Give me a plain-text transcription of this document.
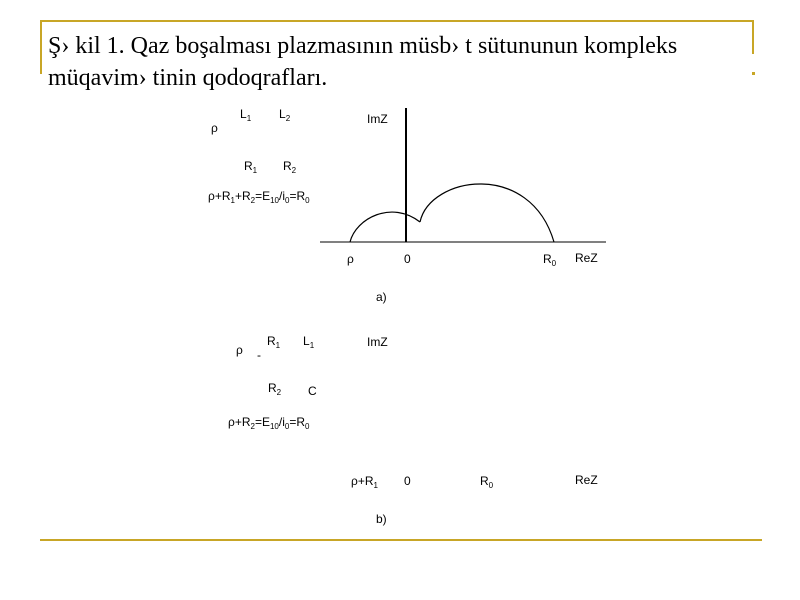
Ş› kil 1. Qaz boşalması plazmasının müsb› t sütununun kompleks
müqavim› tinin qodoqrafları.
ρ
$L_1$ $L_2$
$R_1$ $R_2$
$\rho+R_1+R_2=E_{10}/i_0=R_0$
ImZ
ρ	0	$R_0$ ReZ
a)
ρ -
$R_1$ $L_1$
$R_2$ C
$\rho+R_2=E_{10}/i_0=R_0$
ImZ
$\rho+R_1$ 0	$R_0$	ReZ
b)
